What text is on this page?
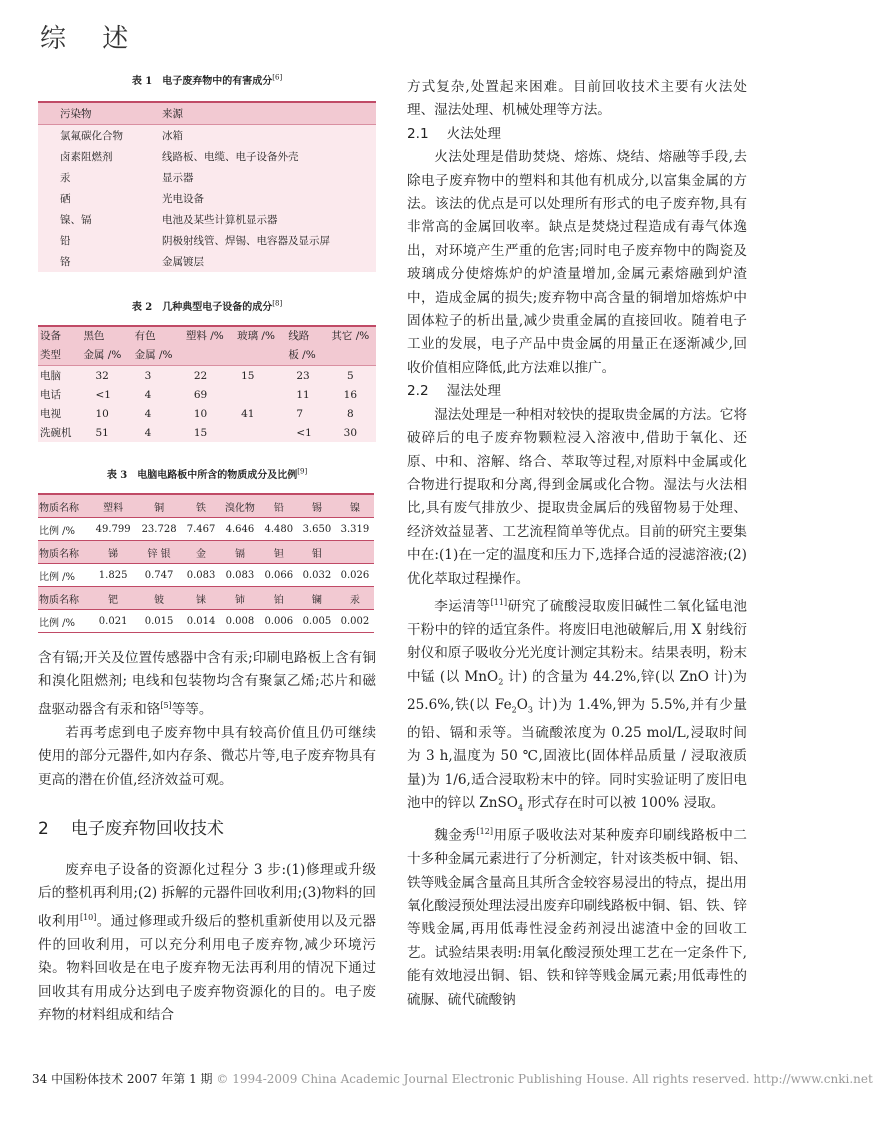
综 述

表 1　电子废弃物中的有害成分[6]

污染物	来源
氯氟碳化合物	冰箱
卤素阻燃剂	线路板、电缆、电子设备外壳
汞	显示器
硒	光电设备
镍、镉	电池及某些计算机显示器
铅	阴极射线管、焊锡、电容器及显示屏
铬	金属镀层

表 2　几种典型电子设备的成分[8]

设备	黑色	有色	塑料 /%	玻璃 /%	线路	其它 /%
类型	金属 /%	金属 /%			板 /%	
电脑	32	3	22	15	23	5
电话	<1	4	69		11	16
电视	10	4	10	41	7	8
洗碗机	51	4	15		<1	30

表 3　电脑电路板中所含的物质成分及比例[9]

物质名称	塑料	铜	铁	溴化物	铅	锡	镍
比例 /%	49.799	23.728	7.467	4.646	4.480	3.650	3.319
物质名称	锑	锌 银	金	镉	钽	钼	
比例 /%	1.825	0.747	0.083	0.083	0.066	0.032	0.026
物质名称	钯	铍	铼	铈	铂	镧	汞
比例 /%	0.021	0.015	0.014	0.008	0.006	0.005	0.002

含有镉;开关及位置传感器中含有汞;印刷电路板上含有铜和溴化阻燃剂; 电线和包装物均含有聚氯乙烯;芯片和磁盘驱动器含有汞和铬[5]等等。

若再考虑到电子废弃物中具有较高价值且仍可继续使用的部分元器件,如内存条、微芯片等,电子废弃物具有更高的潜在价值,经济效益可观。

2 电子废弃物回收技术

废弃电子设备的资源化过程分 3 步:(1)修理或升级后的整机再利用;(2) 拆解的元器件回收利用;(3)物料的回收利用[10]。通过修理或升级后的整机重新使用以及元器件的回收利用，可以充分利用电子废弃物,减少环境污染。物料回收是在电子废弃物无法再利用的情况下通过回收其有用成分达到电子废弃物资源化的目的。电子废弃物的材料组成和结合

方式复杂,处置起来困难。目前回收技术主要有火法处理、湿法处理、机械处理等方法。

2.1 火法处理

火法处理是借助焚烧、熔炼、烧结、熔融等手段,去除电子废弃物中的塑料和其他有机成分,以富集金属的方法。该法的优点是可以处理所有形式的电子废弃物,具有非常高的金属回收率。缺点是焚烧过程造成有毒气体逸出，对环境产生严重的危害;同时电子废弃物中的陶瓷及玻璃成分使熔炼炉的炉渣量增加,金属元素熔融到炉渣中，造成金属的损失;废弃物中高含量的铜增加熔炼炉中固体粒子的析出量,减少贵重金属的直接回收。随着电子工业的发展，电子产品中贵金属的用量正在逐渐减少,回收价值相应降低,此方法难以推广。

2.2 湿法处理

湿法处理是一种相对较快的提取贵金属的方法。它将破碎后的电子废弃物颗粒浸入溶液中,借助于氧化、还原、中和、溶解、络合、萃取等过程,对原料中金属或化合物进行提取和分离,得到金属或化合物。湿法与火法相比,具有废气排放少、提取贵金属后的残留物易于处理、经济效益显著、工艺流程简单等优点。目前的研究主要集中在:(1)在一定的温度和压力下,选择合适的浸滤溶液;(2)优化萃取过程操作。

李运清等[11]研究了硫酸浸取废旧碱性二氧化锰电池干粉中的锌的适宜条件。将废旧电池破解后,用 X 射线衍射仪和原子吸收分光光度计测定其粉末。结果表明，粉末中锰 (以 MnO$_2$ 计) 的含量为 44.2%,锌(以 ZnO 计)为 25.6%,铁(以 $Fe_2O_3$ 计)为 1.4%,钾为 5.5%,并有少量的铅、镉和汞等。当硫酸浓度为 0.25 mol/L,浸取时间为 3 h,温度为 50 ℃,固液比(固体样品质量 / 浸取液质量)为 1/6,适合浸取粉末中的锌。同时实验证明了废旧电池中的锌以 ZnSO$_4$ 形式存在时可以被 100% 浸取。

魏金秀[12]用原子吸收法对某种废弃印刷线路板中二十多种金属元素进行了分析测定，针对该类板中铜、铝、铁等贱金属含量高且其所含金较容易浸出的特点，提出用氧化酸浸预处理法浸出废弃印刷线路板中铜、铝、铁、锌等贱金属,再用低毒性浸金药剂浸出滤渣中金的回收工艺。试验结果表明:用氧化酸浸预处理工艺在一定条件下,能有效地浸出铜、铝、铁和锌等贱金属元素;用低毒性的硫脲、硫代硫酸钠

34 中国粉体技术 2007 年第 1 期 © 1994-2009 China Academic Journal Electronic Publishing House. All rights reserved. http://www.cnki.net
